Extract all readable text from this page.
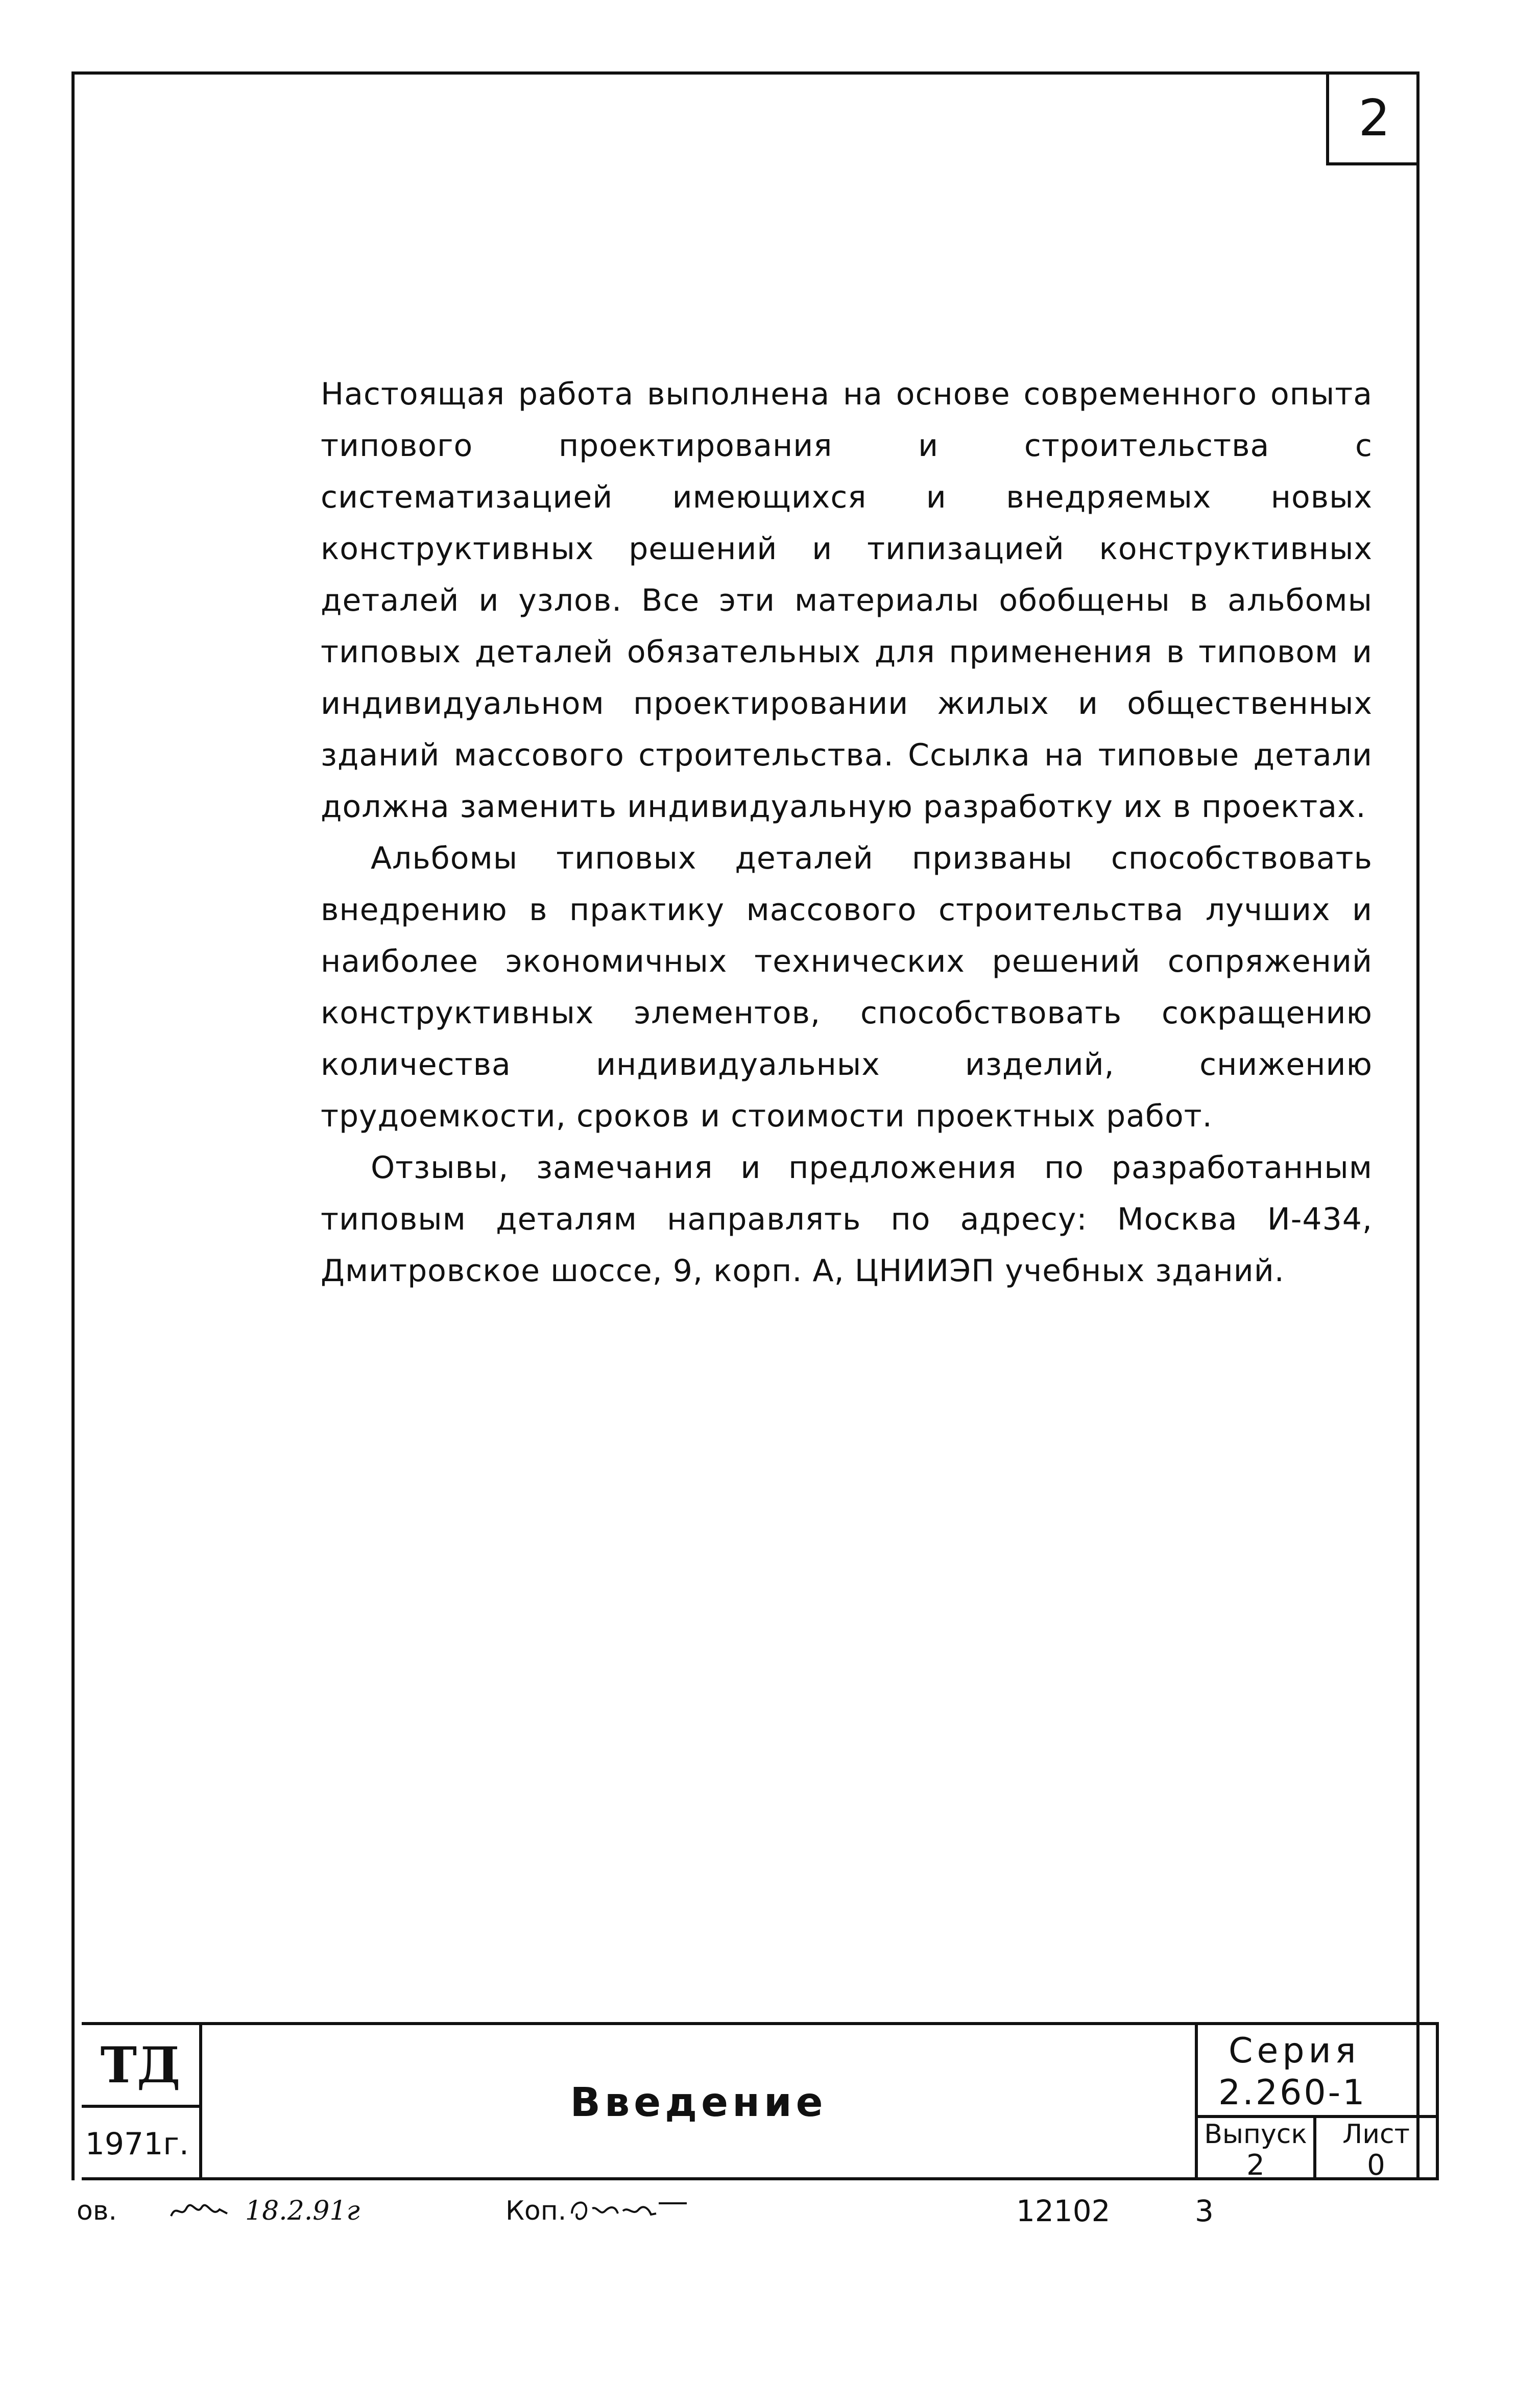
2

Настоящая работа выполнена на основе современного опыта типового проектирования и строительства с систематизацией имеющихся и внедряемых новых конструктивных решений и типизацией конструктивных деталей и узлов. Все эти материалы обобщены в альбомы типовых деталей обязательных для применения в типовом и индивидуальном проектировании жилых и общественных зданий массового строительства. Ссылка на типовые детали должна заменить индивидуальную разработку их в проектах.

Альбомы типовых деталей призваны способствовать внедрению в практику массового строительства лучших и наиболее экономичных технических решений сопряжений конструктивных элементов, способствовать сокращению количества индивидуальных изделий, снижению трудоемкости, сроков и стоимости проектных работ.

Отзывы, замечания и предложения по разработанным типовым деталям направлять по адресу: Москва И-434, Дмитровское шоссе, 9, корп. А, ЦНИИЭП учебных зданий.

ТД
1971г.
Введение
Серия
2.260-1
Выпуск
2
Лист
0
ов.	18.2.91г	Коп.	12102	3
